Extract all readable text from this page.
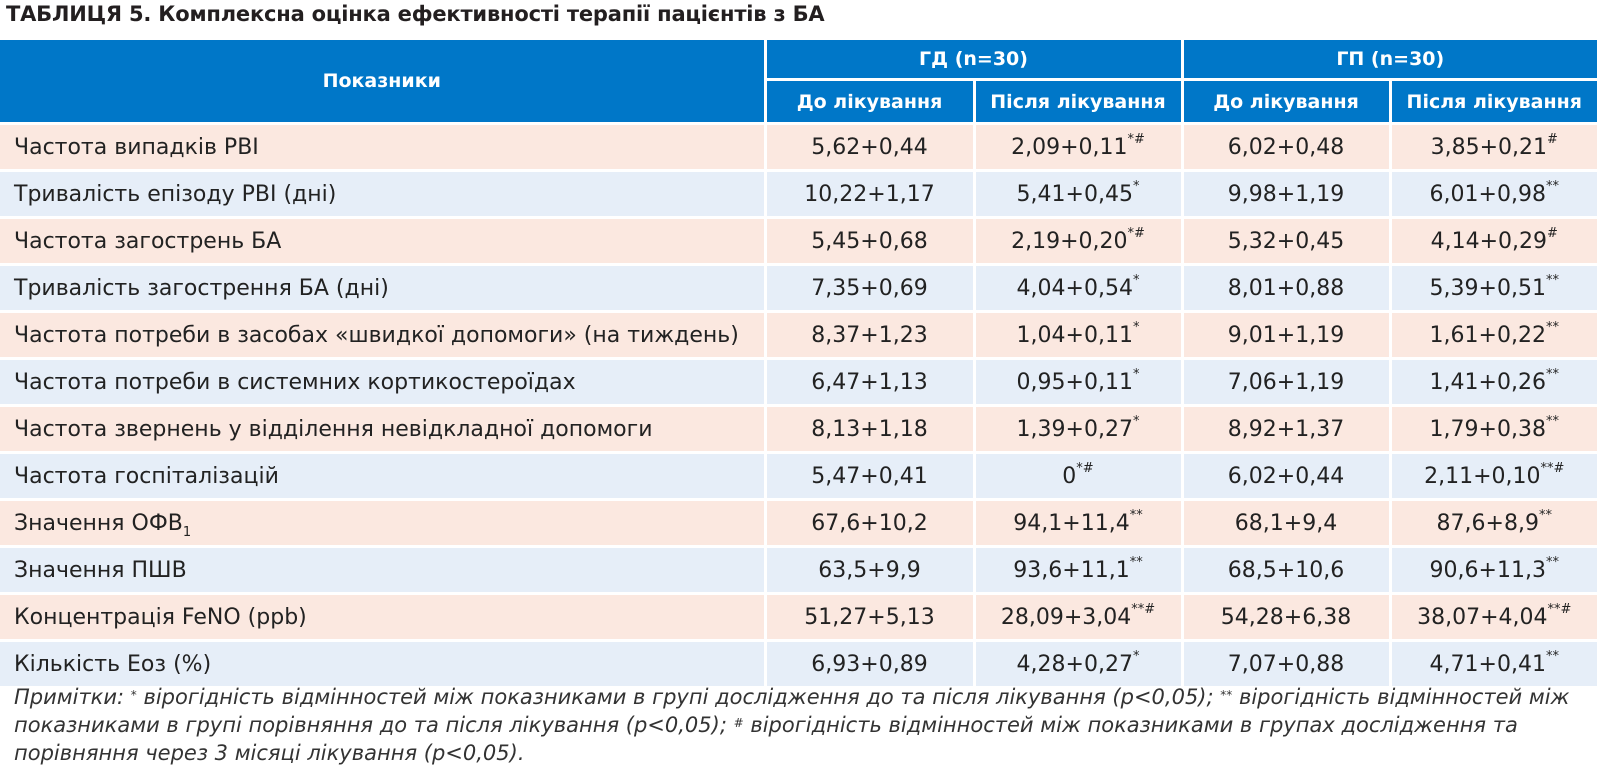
ТАБЛИЦЯ 5. Комплексна оцінка ефективності терапії пацієнтів з БА
Показники	ГД (n=30)		ГП (n=30)	
	До лікування	Після лікування	До лікування	Після лікування
Частота випадків РВІ	5,62+0,44	2,09+0,11*#	6,02+0,48	3,85+0,21#
Тривалість епізоду РВІ (дні)	10,22+1,17	5,41+0,45*	9,98+1,19	6,01+0,98**
Частота загострень БА	5,45+0,68	2,19+0,20*#	5,32+0,45	4,14+0,29#
Тривалість загострення БА (дні)	7,35+0,69	4,04+0,54*	8,01+0,88	5,39+0,51**
Частота потреби в засобах «швидкої допомоги» (на тиждень)	8,37+1,23	1,04+0,11*	9,01+1,19	1,61+0,22**
Частота потреби в системних кортикостероїдах	6,47+1,13	0,95+0,11*	7,06+1,19	1,41+0,26**
Частота звернень у відділення невідкладної допомоги	8,13+1,18	1,39+0,27*	8,92+1,37	1,79+0,38**
Частота госпіталізацій	5,47+0,41	0*#	6,02+0,44	2,11+0,10**#
Значення $ОФВ_1$	67,6+10,2	94,1+11,4**	68,1+9,4	87,6+8,9**
Значення ПШВ	63,5+9,9	93,6+11,1**	68,5+10,6	90,6+11,3**
Концентрація FeNO (ppb)	51,27+5,13	28,09+3,04**#	54,28+6,38	38,07+4,04**#
Кількість Еоз (%)	6,93+0,89	4,28+0,27*	7,07+0,88	4,71+0,41**
Примітки: * вірогідність відмінностей між показниками в групі дослідження до та після лікування (p<0,05); ** вірогідність відмінностей між показниками в групі порівняння до та після лікування (p<0,05); # вірогідність відмінностей між показниками в групах дослідження та порівняння через 3 місяці лікування (p<0,05).
